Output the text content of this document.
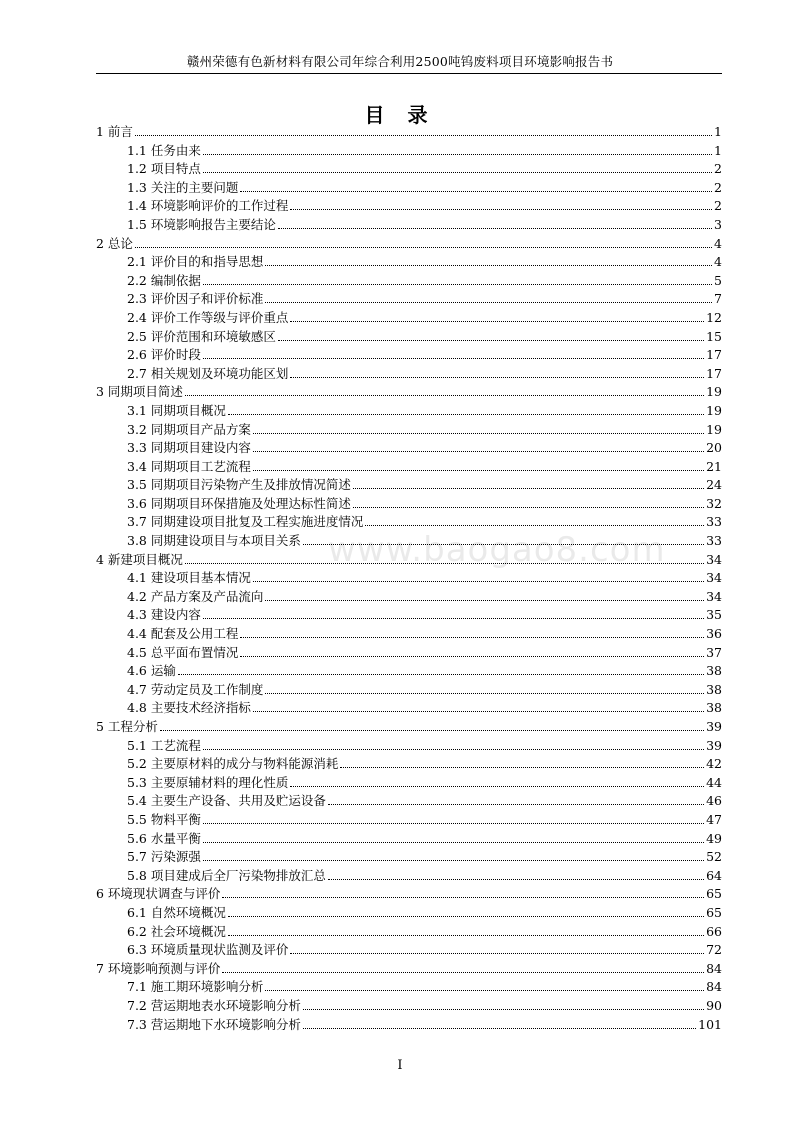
赣州荣德有色新材料有限公司年综合利用2500吨钨废料项目环境影响报告书
目 录
1 前言	1
1.1 任务由来	1
1.2 项目特点	2
1.3 关注的主要问题	2
1.4 环境影响评价的工作过程	2
1.5 环境影响报告主要结论	3
2 总论	4
2.1 评价目的和指导思想	4
2.2 编制依据	5
2.3 评价因子和评价标准	7
2.4 评价工作等级与评价重点	12
2.5 评价范围和环境敏感区	15
2.6 评价时段	17
2.7 相关规划及环境功能区划	17
3 同期项目简述	19
3.1 同期项目概况	19
3.2 同期项目产品方案	19
3.3 同期项目建设内容	20
3.4 同期项目工艺流程	21
3.5 同期项目污染物产生及排放情况简述	24
3.6 同期项目环保措施及处理达标性简述	32
3.7 同期建设项目批复及工程实施进度情况	33
3.8 同期建设项目与本项目关系	33
4 新建项目概况	34
4.1 建设项目基本情况	34
4.2 产品方案及产品流向	34
4.3 建设内容	35
4.4 配套及公用工程	36
4.5 总平面布置情况	37
4.6 运输	38
4.7 劳动定员及工作制度	38
4.8 主要技术经济指标	38
5 工程分析	39
5.1 工艺流程	39
5.2 主要原材料的成分与物料能源消耗	42
5.3 主要原辅材料的理化性质	44
5.4 主要生产设备、共用及贮运设备	46
5.5 物料平衡	47
5.6 水量平衡	49
5.7 污染源强	52
5.8 项目建成后全厂污染物排放汇总	64
6 环境现状调查与评价	65
6.1 自然环境概况	65
6.2 社会环境概况	66
6.3 环境质量现状监测及评价	72
7 环境影响预测与评价	84
7.1 施工期环境影响分析	84
7.2 营运期地表水环境影响分析	90
7.3 营运期地下水环境影响分析	101
www.baogao8.com
I
